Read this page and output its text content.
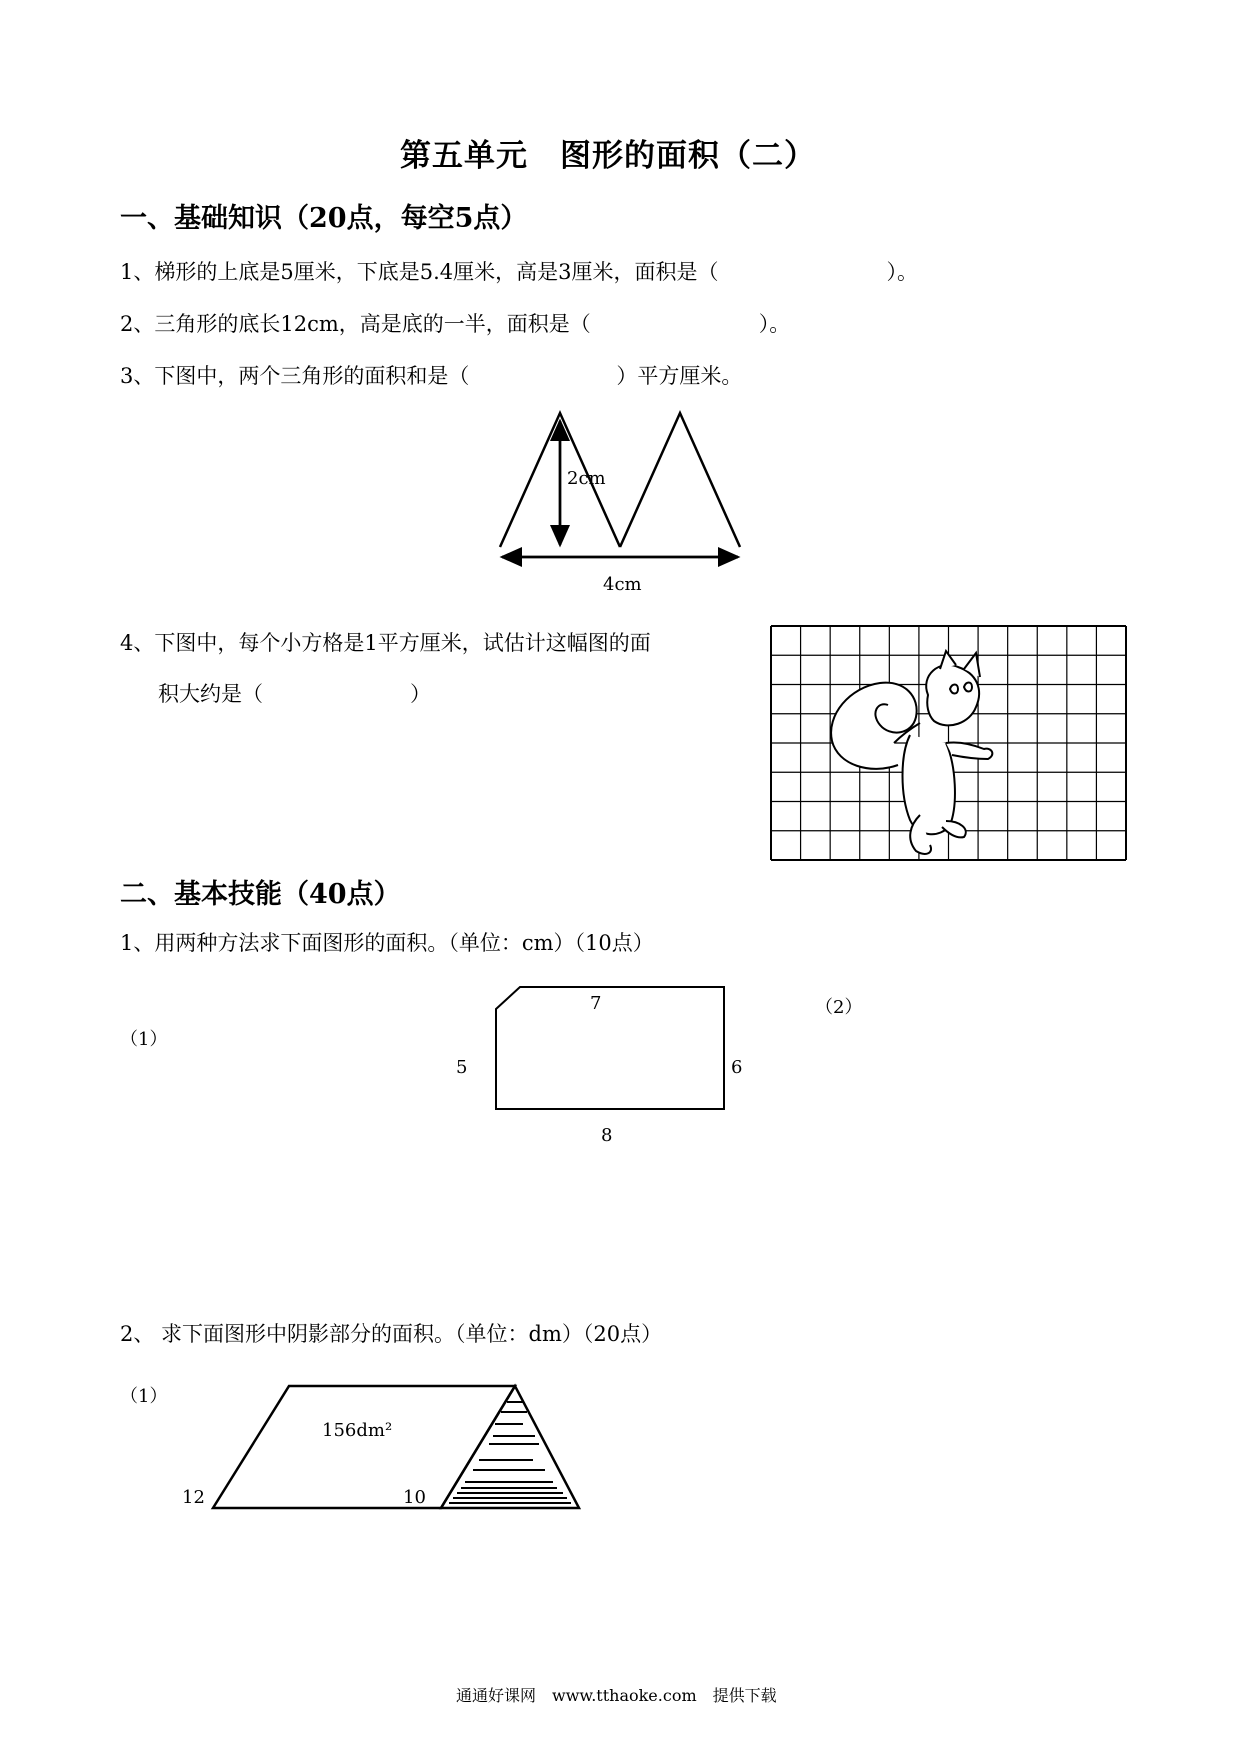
第五单元　图形的面积（二）
一、基础知识（20点，每空5点）
1、梯形的上底是5厘米，下底是5.4厘米，高是3厘米，面积是（　　　　　　　　）。
2、三角形的底长12cm，高是底的一半，面积是（　　　　　　　　）。
3、下图中，两个三角形的面积和是（　　　　　　　）平方厘米。
2cm
4cm
4、下图中，每个小方格是1平方厘米，试估计这幅图的面
积大约是（　　　　　　　）
二、基本技能（40点）
1、用两种方法求下面图形的面积。（单位：cm）（10点）
（1）
（2）
7
5	6
8
2、 求下面图形中阴影部分的面积。（单位：dm）（20点）
（1）
156dm²
12	10
通通好课网　www.tthaoke.com　提供下载
